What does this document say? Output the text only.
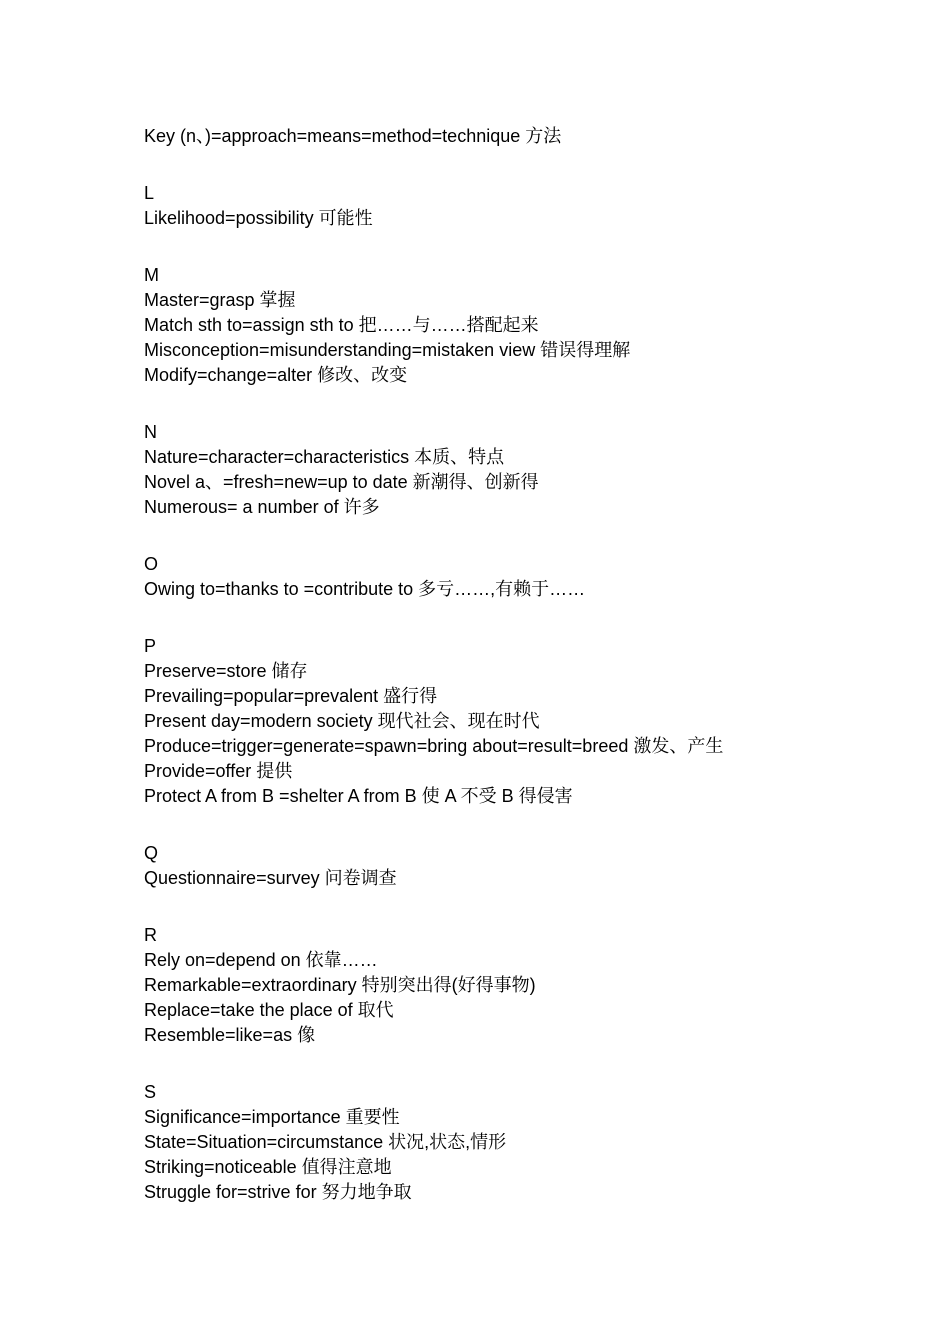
Key (n、)=approach=means=method=technique 方法
L
Likelihood=possibility 可能性
M
Master=grasp 掌握
Match sth to=assign sth to 把……与……搭配起来
Misconception=misunderstanding=mistaken view 错误得理解
Modify=change=alter 修改、改变
N
Nature=character=characteristics 本质、特点
Novel a、=fresh=new=up to date 新潮得、创新得
Numerous= a number of 许多
O
Owing to=thanks to =contribute to 多亏……,有赖于……
P
Preserve=store 储存
Prevailing=popular=prevalent 盛行得
Present day=modern society 现代社会、现在时代
Produce=trigger=generate=spawn=bring about=result=breed 激发、产生
Provide=offer 提供
Protect A from B =shelter A from B 使 A 不受 B 得侵害
Q
Questionnaire=survey 问卷调查
R
Rely on=depend on 依靠……
Remarkable=extraordinary 特别突出得(好得事物)
Replace=take the place of 取代
Resemble=like=as 像
S
Significance=importance 重要性
State=Situation=circumstance 状况,状态,情形
Striking=noticeable 值得注意地
Struggle for=strive for 努力地争取
